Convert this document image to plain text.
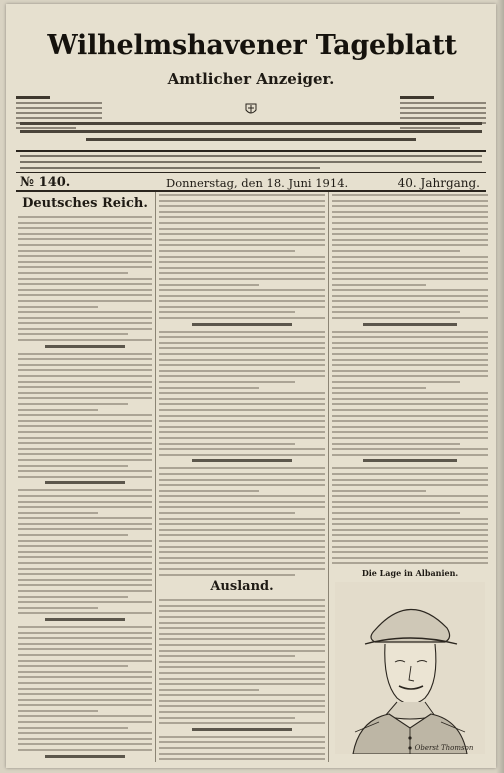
Wilhelmshavener Tageblatt
Amtlicher Anzeiger.
№ 140.	Donnerstag, den 18. Juni 1914.	40. Jahrgang.
Deutsches Reich.
Ausland.
Die Lage in Albanien.
Oberst Thomson
